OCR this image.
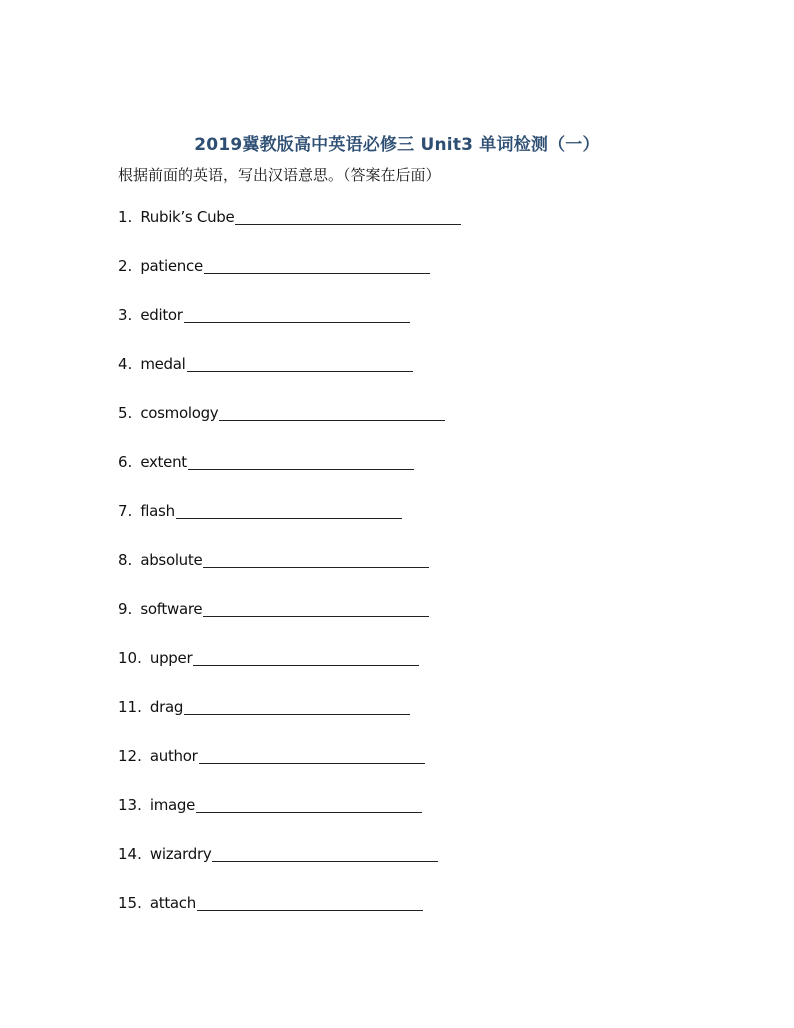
2019冀教版高中英语必修三 Unit3 单词检测（一）
根据前面的英语，写出汉语意思。（答案在后面）
1. Rubik’s Cube
2. patience
3. editor
4. medal
5. cosmology
6. extent
7. flash
8. absolute
9. software
10. upper
11. drag
12. author
13. image
14. wizardry
15. attach
